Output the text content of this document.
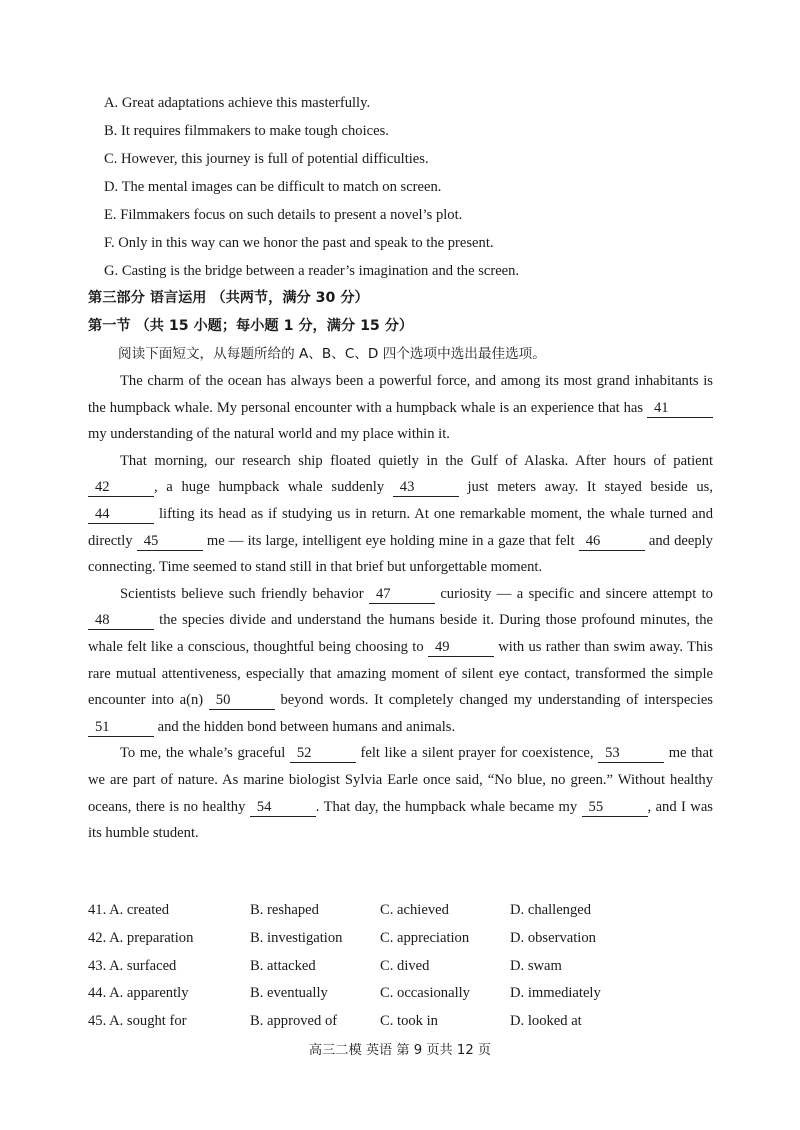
A. Great adaptations achieve this masterfully.
B. It requires filmmakers to make tough choices.
C. However, this journey is full of potential difficulties.
D. The mental images can be difficult to match on screen.
E. Filmmakers focus on such details to present a novel’s plot.
F. Only in this way can we honor the past and speak to the present.
G. Casting is the bridge between a reader’s imagination and the screen.
第三部分 语言运用 （共两节，满分 30 分）
第一节 （共 15 小题；每小题 1 分，满分 15 分）
阅读下面短文，从每题所给的 A、B、C、D 四个选项中选出最佳选项。

The charm of the ocean has always been a powerful force, and among its most grand inhabitants is the humpback whale. My personal encounter with a humpback whale is an experience that has 41 my understanding of the natural world and my place within it.

That morning, our research ship floated quietly in the Gulf of Alaska. After hours of patient 42	, a huge humpback whale suddenly 43	just meters away. It stayed beside us, 44	lifting its head as if studying us in return. At one remarkable moment, the whale turned and directly 45	me — its large, intelligent eye holding mine in a gaze that felt 46	and deeply connecting. Time seemed to stand still in that brief but unforgettable moment.

Scientists believe such friendly behavior 47	curiosity — a specific and sincere attempt to 48	the species divide and understand the humans beside it. During those profound minutes, the whale felt like a conscious, thoughtful being choosing to 49	with us rather than swim away. This rare mutual attentiveness, especially that amazing moment of silent eye contact, transformed the simple encounter into a(n) 50	beyond words. It completely changed my understanding of interspecies 51	and the hidden bond between humans and animals.

To me, the whale’s graceful 52	felt like a silent prayer for coexistence, 53	me that we are part of nature. As marine biologist Sylvia Earle once said, “No blue, no green.” Without healthy oceans, there is no healthy 54	. That day, the humpback whale became my 55	, and I was its humble student.

41. A. created	B. reshaped	C. achieved	D. challenged
42. A. preparation	B. investigation	C. appreciation	D. observation
43. A. surfaced	B. attacked	C. dived	D. swam
44. A. apparently	B. eventually	C. occasionally	D. immediately
45. A. sought for	B. approved of	C. took in	D. looked at
高三二模 英语 第 9 页共 12 页
